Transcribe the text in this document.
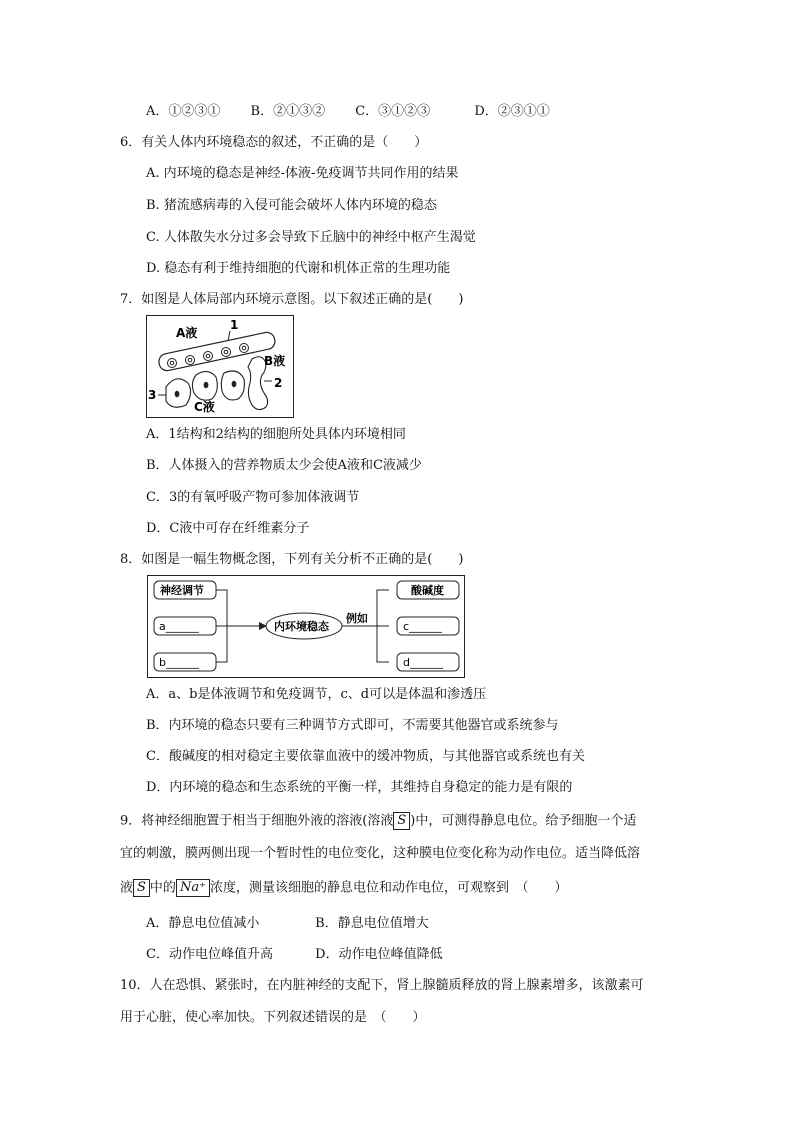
A．①②③① B．②①③② C．③①②③	D．②③①①
6．有关人体内环境稳态的叙述，不正确的是（　　）
A. 内环境的稳态是神经-体液-免疫调节共同作用的结果
B. 猪流感病毒的入侵可能会破坏人体内环境的稳态
C. 人体散失水分过多会导致下丘脑中的神经中枢产生渴觉
D. 稳态有利于维持细胞的代谢和机体正常的生理功能
7．如图是人体局部内环境示意图。以下叙述正确的是(　　)
A液
1
B液
2
3
C液
A．1结构和2结构的细胞所处具体内环境相同
B．人体摄入的营养物质太少会使A液和C液减少
C．3的有氧呼吸产物可参加体液调节
D．C液中可存在纤维素分子
8．如图是一幅生物概念图，下列有关分析不正确的是(　　)
神经调节
a______
b______
内环境稳态
例如
酸碱度
c______
d______
A．a、b是体液调节和免疫调节，c、d可以是体温和渗透压
B．内环境的稳态只要有三种调节方式即可，不需要其他器官或系统参与
C．酸碱度的相对稳定主要依靠血液中的缓冲物质，与其他器官或系统也有关
D．内环境的稳态和生态系统的平衡一样，其维持自身稳定的能力是有限的
9．将神经细胞置于相当于细胞外液的溶液(溶液 S )中，可测得静息电位。给予细胞一个适
宜的刺激，膜两侧出现一个暂时性的电位变化，这种膜电位变化称为动作电位。适当降低溶
液 S 中的 Na⁺ 浓度，测量该细胞的静息电位和动作电位，可观察到　（　　）
A．静息电位值减小	B．静息电位值增大
C．动作电位峰值升高	D．动作电位峰值降低
10．人在恐惧、紧张时，在内脏神经的支配下，肾上腺髓质释放的肾上腺素增多，该激素可
用于心脏，使心率加快。下列叙述错误的是　（　　）
